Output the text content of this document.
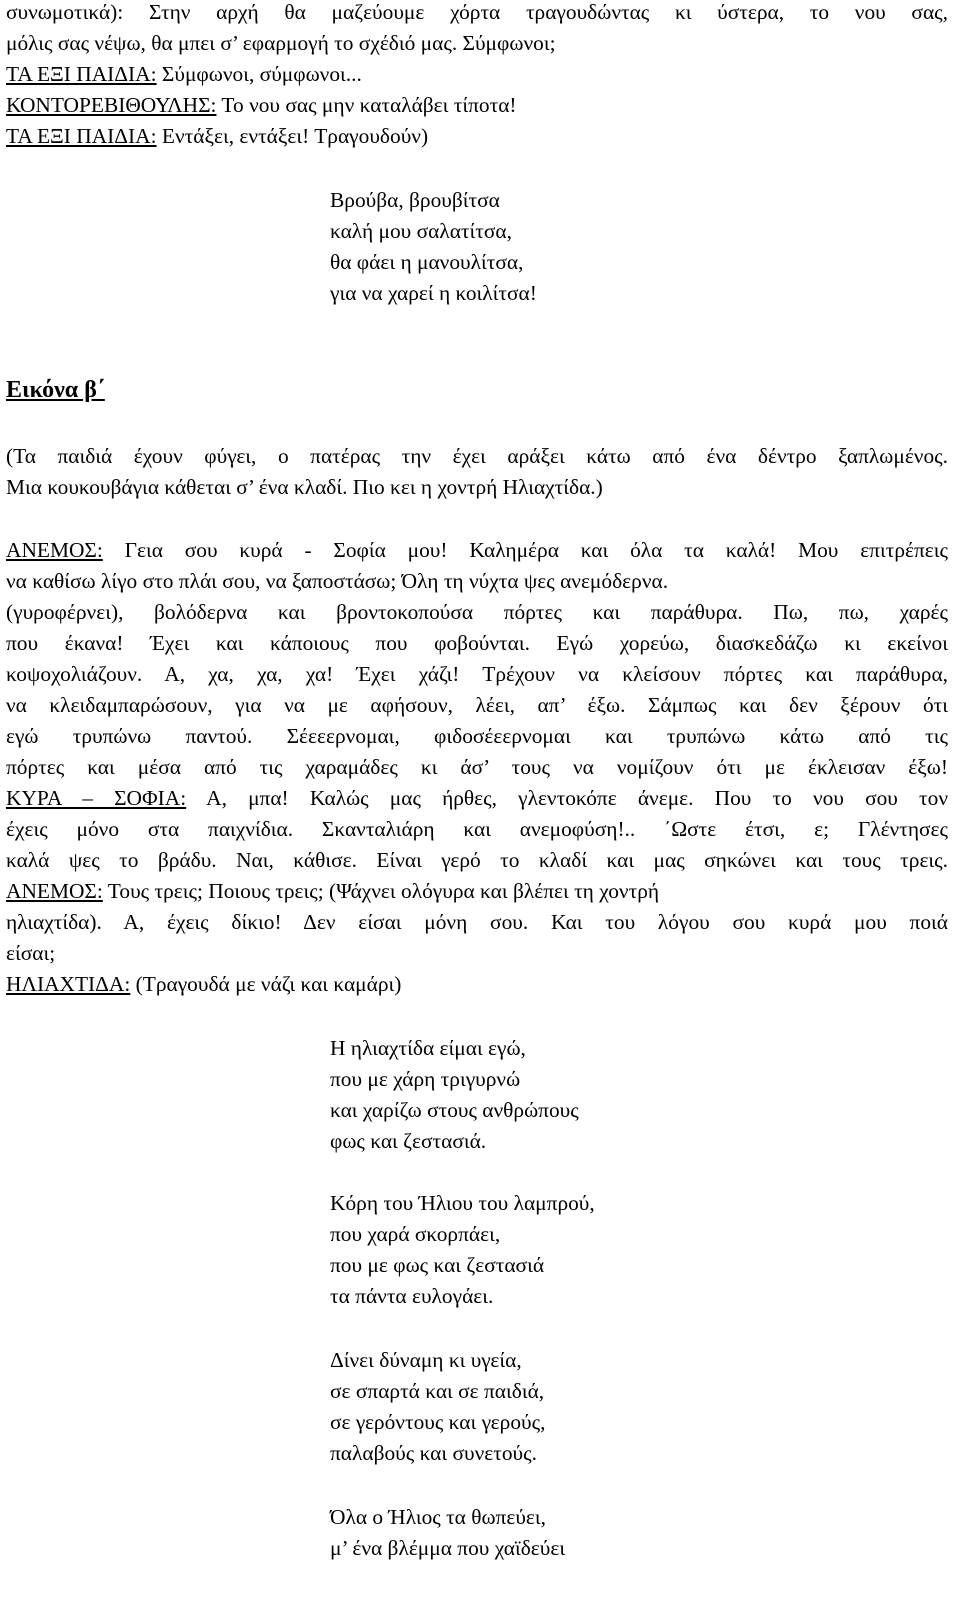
συνωμοτικά): Στην αρχή θα μαζεύουμε χόρτα τραγουδώντας κι ύστερα, το νου σας,

μόλις σας νέψω, θα μπει σ’ εφαρμογή το σχέδιό μας. Σύμφωνοι;

ΤΑ ΕΞΙ ΠΑΙΔΙΑ: Σύμφωνοι, σύμφωνοι...

ΚΟΝΤΟΡΕΒΙΘΟΥΛΗΣ: Το νου σας μην καταλάβει τίποτα!

ΤΑ ΕΞΙ ΠΑΙΔΙΑ: Εντάξει, εντάξει! Τραγουδούν)

Βρούβα, βρουβίτσα

καλή μου σαλατίτσα,

θα φάει η μανουλίτσα,

για να χαρεί η κοιλίτσα!

Εικόνα β΄

(Τα παιδιά έχουν φύγει, ο πατέρας την έχει αράξει κάτω από ένα δέντρο ξαπλωμένος.

Μια κουκουβάγια κάθεται σ’ ένα κλαδί. Πιο κει η χοντρή Ηλιαχτίδα.)

ΑΝΕΜΟΣ: Γεια σου κυρά - Σοφία μου! Καλημέρα και όλα τα καλά! Μου επιτρέπεις

να καθίσω λίγο στο πλάι σου, να ξαποστάσω; Όλη τη νύχτα ψες ανεμόδερνα.

(γυροφέρνει), βολόδερνα και βροντοκοπούσα πόρτες και παράθυρα. Πω, πω, χαρές

που έκανα! Έχει και κάποιους που φοβούνται. Εγώ χορεύω, διασκεδάζω κι εκείνοι

κοψοχολιάζουν. Α, χα, χα, χα! Έχει χάζι! Τρέχουν να κλείσουν πόρτες και παράθυρα,

να κλειδαμπαρώσουν, για να με αφήσουν, λέει, απ’ έξω. Σάμπως και δεν ξέρουν ότι

εγώ τρυπώνω παντού. Σέεεερνομαι, φιδοσέεερνομαι και τρυπώνω κάτω από τις

πόρτες και μέσα από τις χαραμάδες κι άσ’ τους να νομίζουν ότι με έκλεισαν έξω!

ΚΥΡΑ – ΣΟΦΙΑ: Α, μπα! Καλώς μας ήρθες, γλεντοκόπε άνεμε. Που το νου σου τον

έχεις μόνο στα παιχνίδια. Σκανταλιάρη και ανεμοφύση!.. ΄Ωστε έτσι, ε; Γλέντησες

καλά ψες το βράδυ. Ναι, κάθισε. Είναι γερό το κλαδί και μας σηκώνει και τους τρεις.

ΑΝΕΜΟΣ: Τους τρεις; Ποιους τρεις; (Ψάχνει ολόγυρα και βλέπει τη χοντρή

ηλιαχτίδα). Α, έχεις δίκιο! Δεν είσαι μόνη σου. Και του λόγου σου κυρά μου ποιά

είσαι;

ΗΛΙΑΧΤΙΔΑ: (Τραγουδά με νάζι και καμάρι)

Η ηλιαχτίδα είμαι εγώ,

που με χάρη τριγυρνώ

και χαρίζω στους ανθρώπους

φως και ζεστασιά.

Κόρη του Ήλιου του λαμπρού,

που χαρά σκορπάει,

που με φως και ζεστασιά

τα πάντα ευλογάει.

Δίνει δύναμη κι υγεία,

σε σπαρτά και σε παιδιά,

σε γερόντους και γερούς,

παλαβούς και συνετούς.

Όλα ο Ήλιος τα θωπεύει,

μ’ ένα βλέμμα που χαϊδεύει
